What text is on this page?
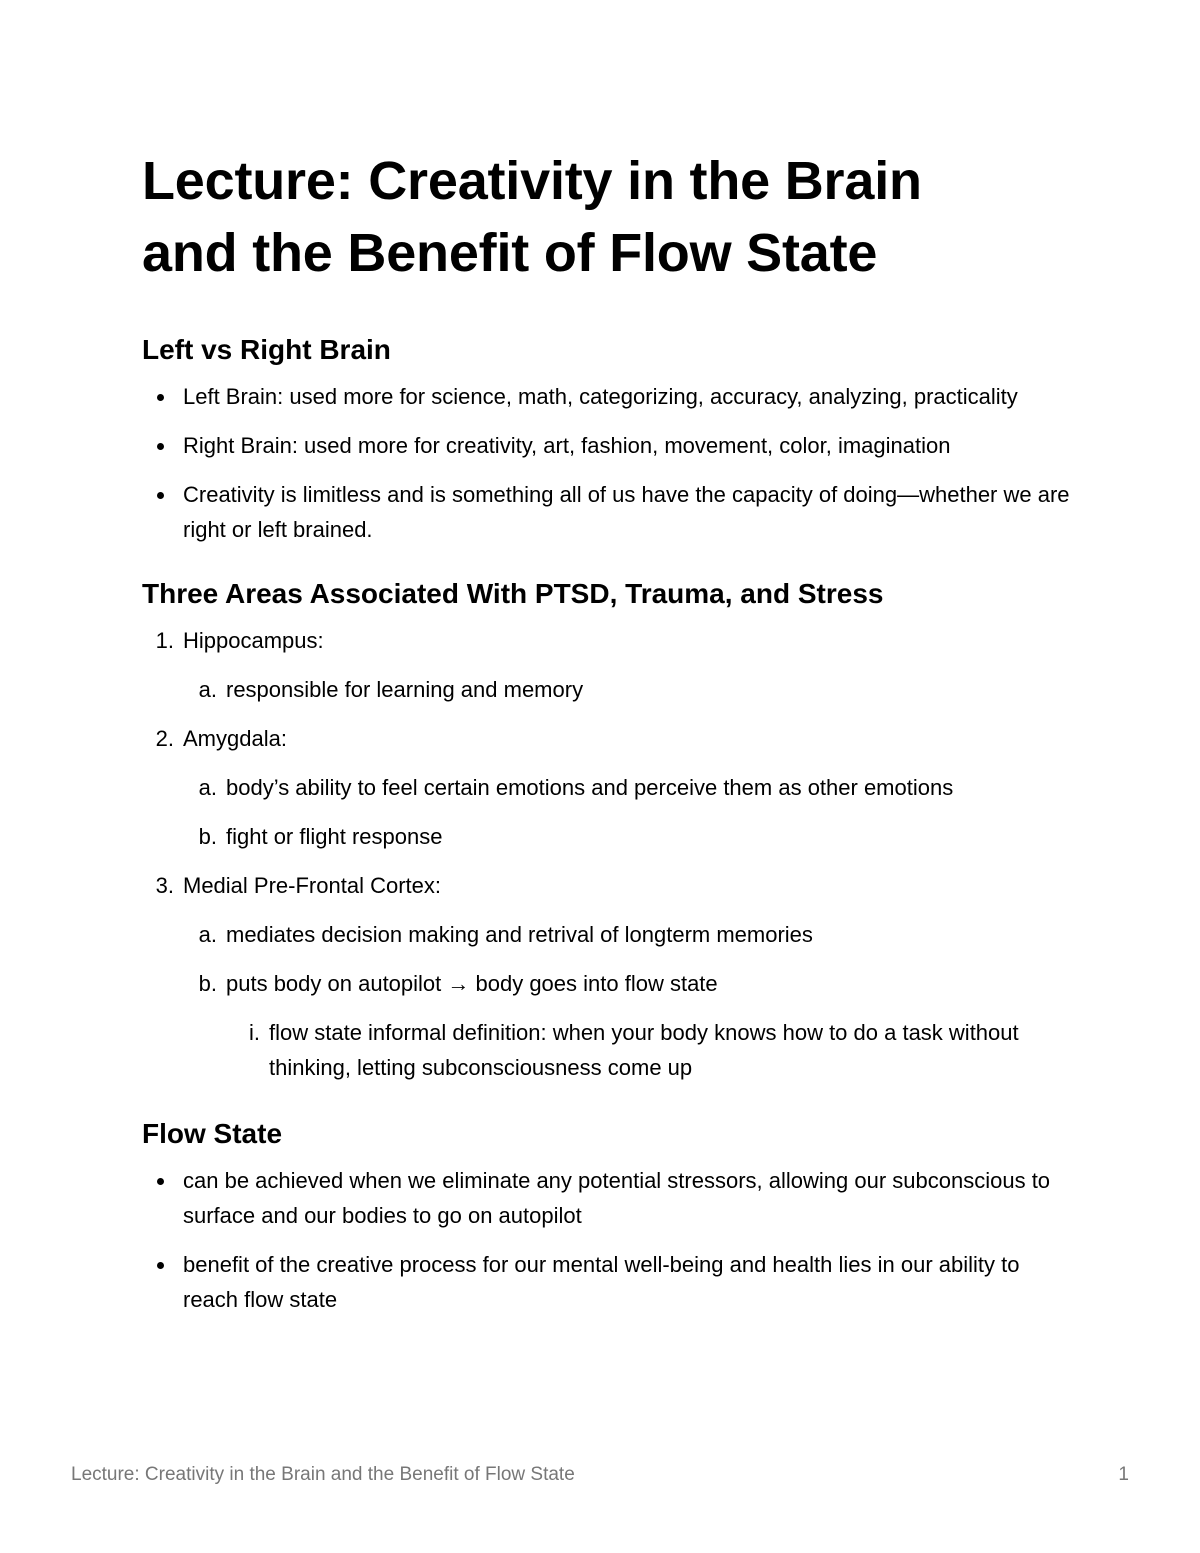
Lecture: Creativity in the Brain
and the Benefit of Flow State
Left vs Right Brain
Left Brain: used more for science, math, categorizing, accuracy, analyzing, practicality
Right Brain: used more for creativity, art, fashion, movement, color, imagination
Creativity is limitless and is something all of us have the capacity of doing—whether we are right or left brained.
Three Areas Associated With PTSD, Trauma, and Stress
1. Hippocampus:
a. responsible for learning and memory
2. Amygdala:
a. body’s ability to feel certain emotions and perceive them as other emotions
b. fight or flight response
3. Medial Pre-Frontal Cortex:
a. mediates decision making and retrival of longterm memories
b. puts body on autopilot → body goes into flow state
i. flow state informal definition: when your body knows how to do a task without thinking, letting subconsciousness come up
Flow State
can be achieved when we eliminate any potential stressors, allowing our subconscious to surface and our bodies to go on autopilot
benefit of the creative process for our mental well-being and health lies in our ability to reach flow state
Lecture: Creativity in the Brain and the Benefit of Flow State	1
